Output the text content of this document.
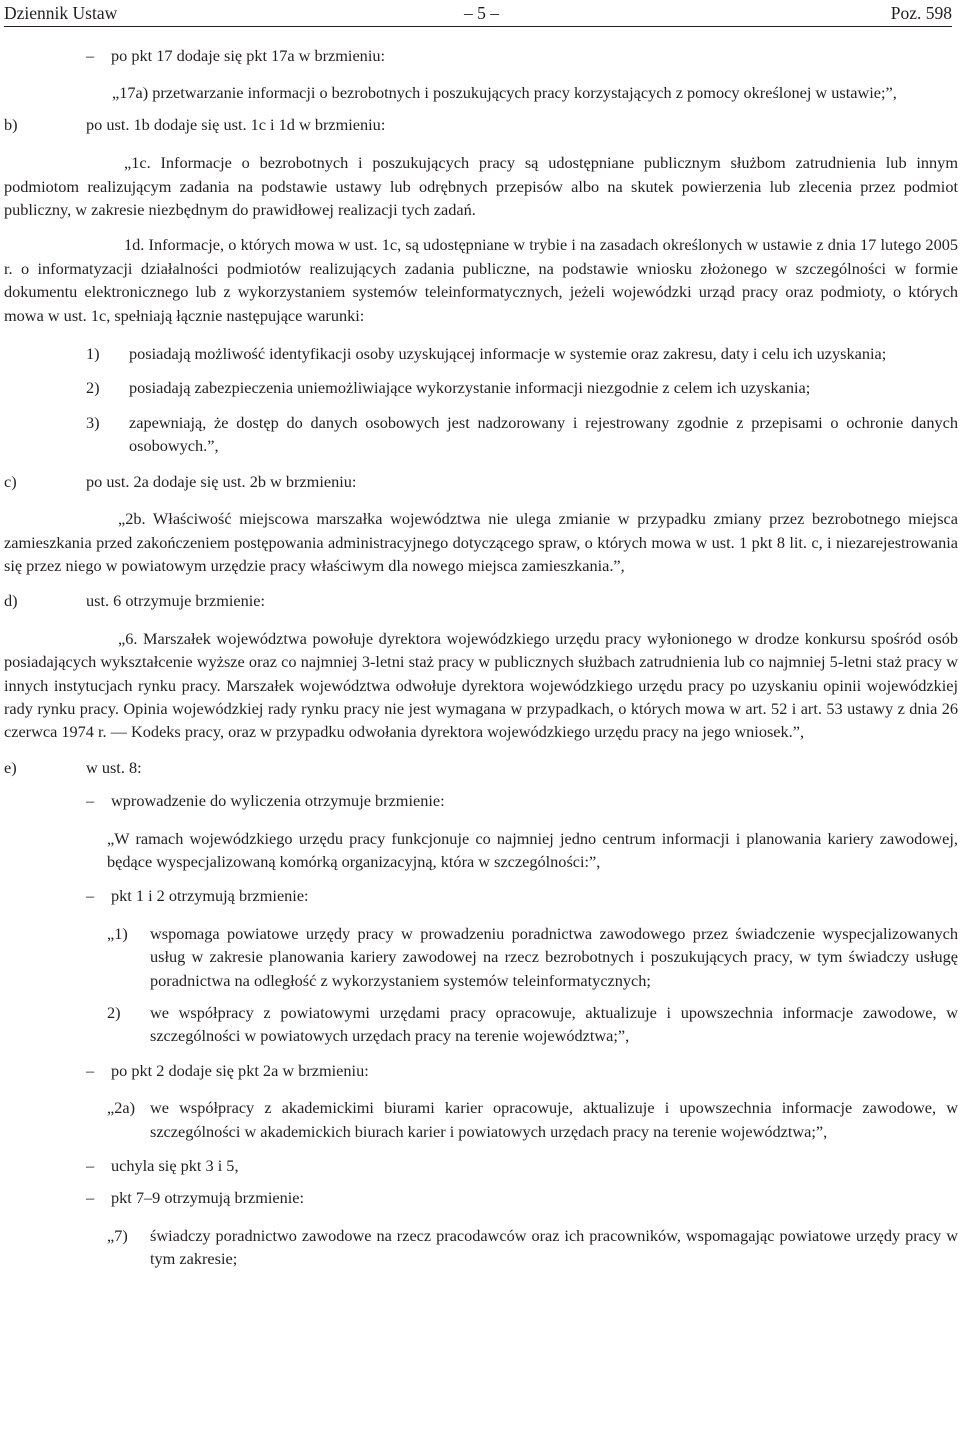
Dziennik Ustaw	– 5 –	Poz. 598
– po pkt 17 dodaje się pkt 17a w brzmieniu:
„17a) przetwarzanie informacji o bezrobotnych i poszukujących pracy korzystających z pomocy określonej w ustawie;”,
b)	po ust. 1b dodaje się ust. 1c i 1d w brzmieniu:
„1c. Informacje o bezrobotnych i poszukujących pracy są udostępniane publicznym służbom zatrudnienia lub innym podmiotom realizującym zadania na podstawie ustawy lub odrębnych przepisów albo na skutek powierzenia lub zlecenia przez podmiot publiczny, w zakresie niezbędnym do prawidłowej realizacji tych zadań.
1d. Informacje, o których mowa w ust. 1c, są udostępniane w trybie i na zasadach określonych w ustawie z dnia 17 lutego 2005 r. o informatyzacji działalności podmiotów realizujących zadania publiczne, na podstawie wniosku złożonego w szczególności w formie dokumentu elektronicznego lub z wykorzystaniem systemów teleinformatycznych, jeżeli wojewódzki urząd pracy oraz podmioty, o których mowa w ust. 1c, spełniają łącznie następujące warunki:
1) posiadają możliwość identyfikacji osoby uzyskującej informacje w systemie oraz zakresu, daty i celu ich uzyskania;
2) posiadają zabezpieczenia uniemożliwiające wykorzystanie informacji niezgodnie z celem ich uzyskania;
3) zapewniają, że dostęp do danych osobowych jest nadzorowany i rejestrowany zgodnie z przepisami o ochronie danych osobowych.”,
c)	po ust. 2a dodaje się ust. 2b w brzmieniu:
„2b. Właściwość miejscowa marszałka województwa nie ulega zmianie w przypadku zmiany przez bezrobotnego miejsca zamieszkania przed zakończeniem postępowania administracyjnego dotyczącego spraw, o których mowa w ust. 1 pkt 8 lit. c, i niezarejestrowania się przez niego w powiatowym urzędzie pracy właściwym dla nowego miejsca zamieszkania.”,
d)	ust. 6 otrzymuje brzmienie:
„6. Marszałek województwa powołuje dyrektora wojewódzkiego urzędu pracy wyłonionego w drodze konkursu spośród osób posiadających wykształcenie wyższe oraz co najmniej 3-letni staż pracy w publicznych służbach zatrudnienia lub co najmniej 5-letni staż pracy w innych instytucjach rynku pracy. Marszałek województwa odwołuje dyrektora wojewódzkiego urzędu pracy po uzyskaniu opinii wojewódzkiej rady rynku pracy. Opinia wojewódzkiej rady rynku pracy nie jest wymagana w przypadkach, o których mowa w art. 52 i art. 53 ustawy z dnia 26 czerwca 1974 r. — Kodeks pracy, oraz w przypadku odwołania dyrektora wojewódzkiego urzędu pracy na jego wniosek.”,
e)	w ust. 8:
– wprowadzenie do wyliczenia otrzymuje brzmienie:
„W ramach wojewódzkiego urzędu pracy funkcjonuje co najmniej jedno centrum informacji i planowania kariery zawodowej, będące wyspecjalizowaną komórką organizacyjną, która w szczególności:”,
– pkt 1 i 2 otrzymują brzmienie:
„1) wspomaga powiatowe urzędy pracy w prowadzeniu poradnictwa zawodowego przez świadczenie wyspecjalizowanych usług w zakresie planowania kariery zawodowej na rzecz bezrobotnych i poszukujących pracy, w tym świadczy usługę poradnictwa na odległość z wykorzystaniem systemów teleinformatycznych;
2) we współpracy z powiatowymi urzędami pracy opracowuje, aktualizuje i upowszechnia informacje zawodowe, w szczególności w powiatowych urzędach pracy na terenie województwa;”,
– po pkt 2 dodaje się pkt 2a w brzmieniu:
„2a) we współpracy z akademickimi biurami karier opracowuje, aktualizuje i upowszechnia informacje zawodowe, w szczególności w akademickich biurach karier i powiatowych urzędach pracy na terenie województwa;”,
– uchyla się pkt 3 i 5,
– pkt 7–9 otrzymują brzmienie:
„7) świadczy poradnictwo zawodowe na rzecz pracodawców oraz ich pracowników, wspomagając powiatowe urzędy pracy w tym zakresie;
